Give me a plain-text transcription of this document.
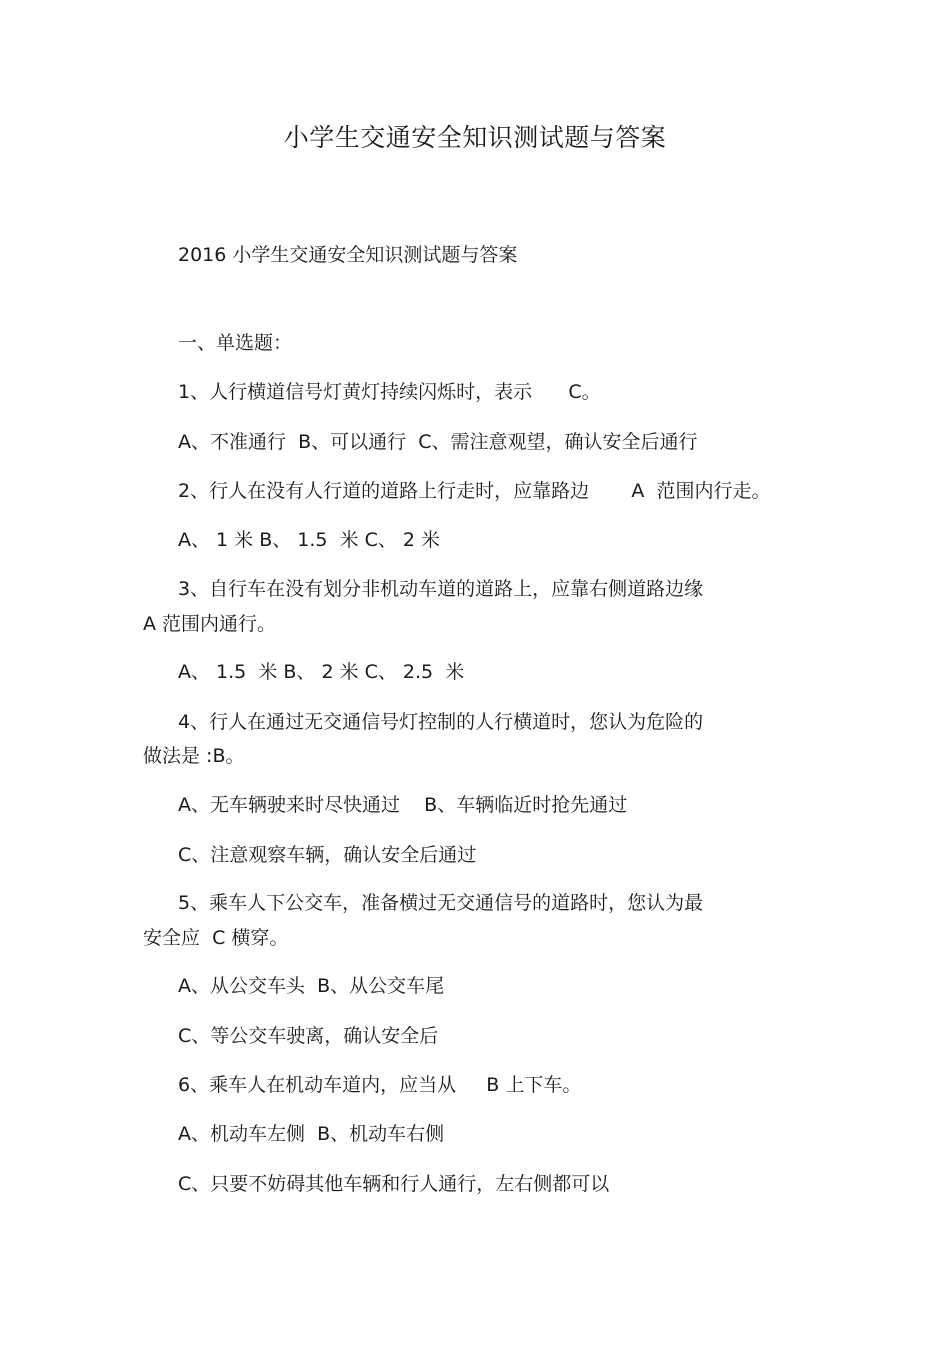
小学生交通安全知识测试题与答案

2016 小学生交通安全知识测试题与答案

一、单选题：

1、人行横道信号灯黄灯持续闪烁时，表示      C。

A、不准通行  B、可以通行  C、需注意观望，确认安全后通行

2、行人在没有人行道的道路上行走时，应靠路边       A  范围内行走。

A、 1 米 B、 1.5  米 C、 2 米

3、自行车在没有划分非机动车道的道路上，应靠右侧道路边缘

A 范围内通行。

A、 1.5  米 B、 2 米 C、 2.5  米

4、行人在通过无交通信号灯控制的人行横道时，您认为危险的

做法是 :B。

A、无车辆驶来时尽快通过    B、车辆临近时抢先通过

C、注意观察车辆，确认安全后通过

5、乘车人下公交车，准备横过无交通信号的道路时，您认为最

安全应  C 横穿。

A、从公交车头  B、从公交车尾

C、等公交车驶离，确认安全后

6、乘车人在机动车道内，应当从     B 上下车。

A、机动车左侧  B、机动车右侧

C、只要不妨碍其他车辆和行人通行，左右侧都可以
